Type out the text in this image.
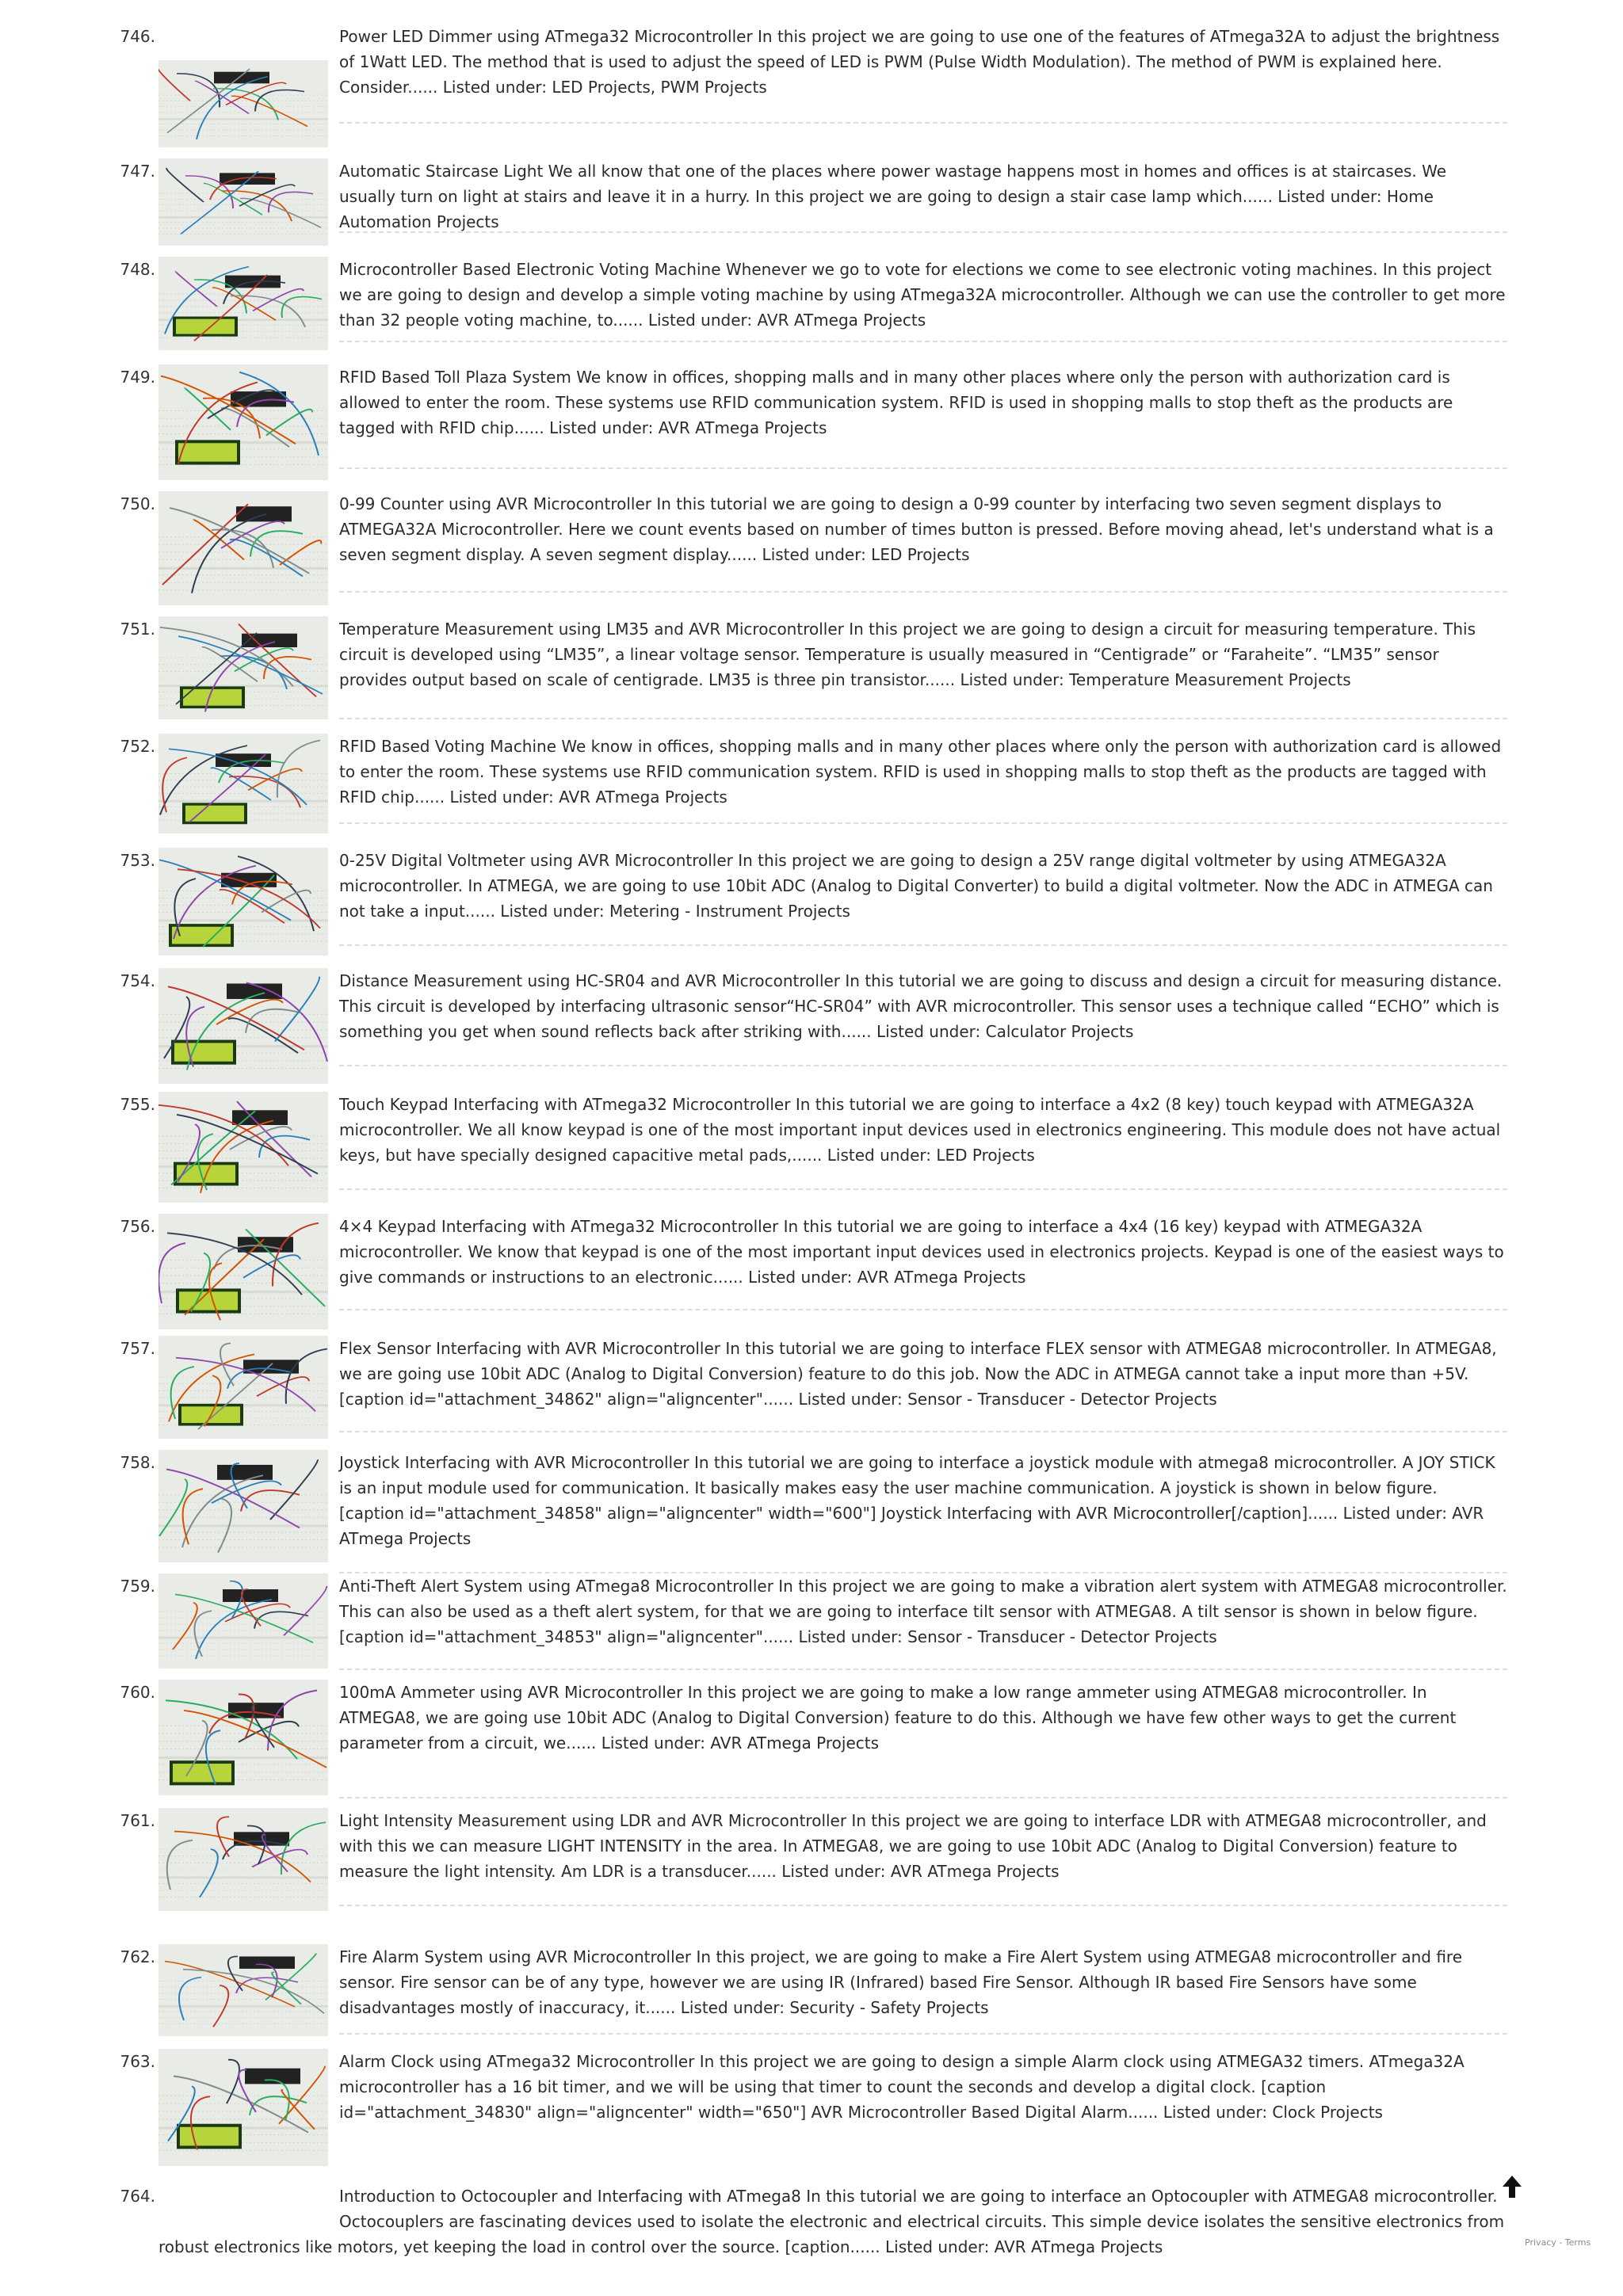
746.	Power LED Dimmer using ATmega32 Microcontroller In this project we are going to use one of the features of ATmega32A to adjust the brightness of 1Watt LED. The method that is used to adjust the speed of LED is PWM (Pulse Width Modulation). The method of PWM is explained here. Consider...... Listed under: LED Projects, PWM Projects
747.	Automatic Staircase Light We all know that one of the places where power wastage happens most in homes and offices is at staircases. We usually turn on light at stairs and leave it in a hurry. In this project we are going to design a stair case lamp which...... Listed under: Home Automation Projects
748.	Microcontroller Based Electronic Voting Machine Whenever we go to vote for elections we come to see electronic voting machines. In this project we are going to design and develop a simple voting machine by using ATmega32A microcontroller. Although we can use the controller to get more than 32 people voting machine, to...... Listed under: AVR ATmega Projects
749.	RFID Based Toll Plaza System We know in offices, shopping malls and in many other places where only the person with authorization card is allowed to enter the room. These systems use RFID communication system. RFID is used in shopping malls to stop theft as the products are tagged with RFID chip...... Listed under: AVR ATmega Projects
750.	0-99 Counter using AVR Microcontroller In this tutorial we are going to design a 0-99 counter by interfacing two seven segment displays to ATMEGA32A Microcontroller. Here we count events based on number of times button is pressed. Before moving ahead, let's understand what is a seven segment display. A seven segment display...... Listed under: LED Projects
751.	Temperature Measurement using LM35 and AVR Microcontroller In this project we are going to design a circuit for measuring temperature. This circuit is developed using “LM35”, a linear voltage sensor. Temperature is usually measured in “Centigrade” or “Faraheite”. “LM35” sensor provides output based on scale of centigrade. LM35 is three pin transistor...... Listed under: Temperature Measurement Projects
752.	RFID Based Voting Machine We know in offices, shopping malls and in many other places where only the person with authorization card is allowed to enter the room. These systems use RFID communication system. RFID is used in shopping malls to stop theft as the products are tagged with RFID chip...... Listed under: AVR ATmega Projects
753.	0-25V Digital Voltmeter using AVR Microcontroller In this project we are going to design a 25V range digital voltmeter by using ATMEGA32A microcontroller. In ATMEGA, we are going to use 10bit ADC (Analog to Digital Converter) to build a digital voltmeter. Now the ADC in ATMEGA can not take a input...... Listed under: Metering - Instrument Projects
754.	Distance Measurement using HC-SR04 and AVR Microcontroller In this tutorial we are going to discuss and design a circuit for measuring distance. This circuit is developed by interfacing ultrasonic sensor“HC-SR04” with AVR microcontroller. This sensor uses a technique called “ECHO” which is something you get when sound reflects back after striking with...... Listed under: Calculator Projects
755.	Touch Keypad Interfacing with ATmega32 Microcontroller In this tutorial we are going to interface a 4x2 (8 key) touch keypad with ATMEGA32A microcontroller. We all know keypad is one of the most important input devices used in electronics engineering. This module does not have actual keys, but have specially designed capacitive metal pads,...... Listed under: LED Projects
756.	4×4 Keypad Interfacing with ATmega32 Microcontroller In this tutorial we are going to interface a 4x4 (16 key) keypad with ATMEGA32A microcontroller. We know that keypad is one of the most important input devices used in electronics projects. Keypad is one of the easiest ways to give commands or instructions to an electronic...... Listed under: AVR ATmega Projects
757.	Flex Sensor Interfacing with AVR Microcontroller In this tutorial we are going to interface FLEX sensor with ATMEGA8 microcontroller. In ATMEGA8, we are going use 10bit ADC (Analog to Digital Conversion) feature to do this job. Now the ADC in ATMEGA cannot take a input more than +5V. [caption id="attachment_34862" align="aligncenter"...... Listed under: Sensor - Transducer - Detector Projects
758.	Joystick Interfacing with AVR Microcontroller In this tutorial we are going to interface a joystick module with atmega8 microcontroller. A JOY STICK is an input module used for communication. It basically makes easy the user machine communication. A joystick is shown in below figure. [caption id="attachment_34858" align="aligncenter" width="600"] Joystick Interfacing with AVR Microcontroller[/caption]...... Listed under: AVR ATmega Projects
759.	Anti-Theft Alert System using ATmega8 Microcontroller In this project we are going to make a vibration alert system with ATMEGA8 microcontroller. This can also be used as a theft alert system, for that we are going to interface tilt sensor with ATMEGA8. A tilt sensor is shown in below figure. [caption id="attachment_34853" align="aligncenter"...... Listed under: Sensor - Transducer - Detector Projects
760.	100mA Ammeter using AVR Microcontroller In this project we are going to make a low range ammeter using ATMEGA8 microcontroller. In ATMEGA8, we are going use 10bit ADC (Analog to Digital Conversion) feature to do this. Although we have few other ways to get the current parameter from a circuit, we...... Listed under: AVR ATmega Projects
761.	Light Intensity Measurement using LDR and AVR Microcontroller In this project we are going to interface LDR with ATMEGA8 microcontroller, and with this we can measure LIGHT INTENSITY in the area. In ATMEGA8, we are going to use 10bit ADC (Analog to Digital Conversion) feature to measure the light intensity. Am LDR is a transducer...... Listed under: AVR ATmega Projects
762.	Fire Alarm System using AVR Microcontroller In this project, we are going to make a Fire Alert System using ATMEGA8 microcontroller and fire sensor. Fire sensor can be of any type, however we are using IR (Infrared) based Fire Sensor. Although IR based Fire Sensors have some disadvantages mostly of inaccuracy, it...... Listed under: Security - Safety Projects
763.	Alarm Clock using ATmega32 Microcontroller In this project we are going to design a simple Alarm clock using ATMEGA32 timers. ATmega32A microcontroller has a 16 bit timer, and we will be using that timer to count the seconds and develop a digital clock. [caption id="attachment_34830" align="aligncenter" width="650"] AVR Microcontroller Based Digital Alarm...... Listed under: Clock Projects
764.	Introduction to Octocoupler and Interfacing with ATmega8 In this tutorial we are going to interface an Optocoupler with ATMEGA8 microcontroller. Octocouplers are fascinating devices used to isolate the electronic and electrical circuits. This simple device isolates the sensitive electronics from
robust electronics like motors, yet keeping the load in control over the source. [caption...... Listed under: AVR ATmega Projects	Privacy - Terms
